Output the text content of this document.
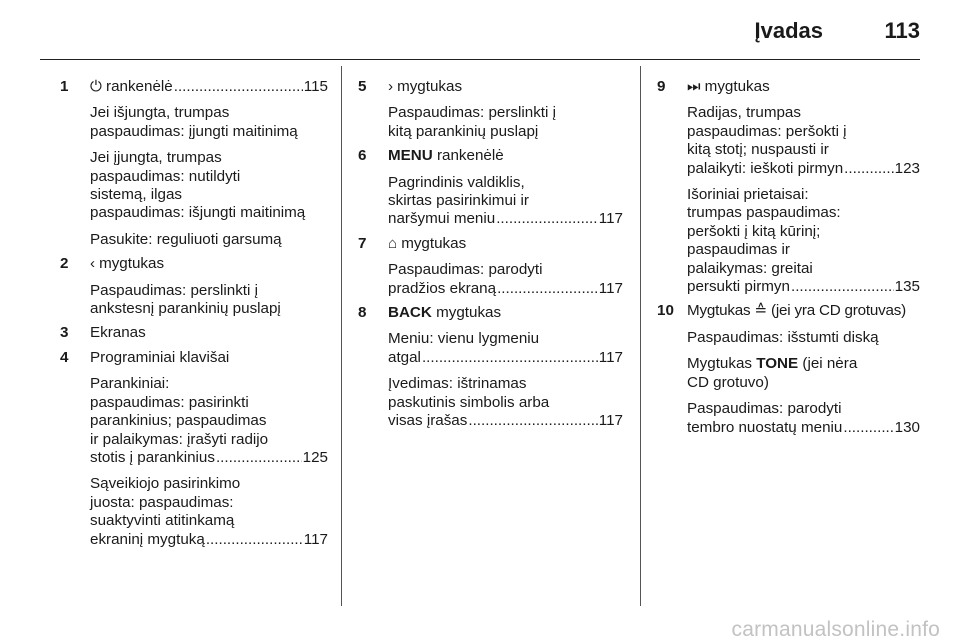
Įvadas	113
1 ⏻ rankenėlė .....	115
Jei išjungta, trumpas
paspaudimas: įjungti maitinimą
Jei įjungta, trumpas
paspaudimas: nutildyti
sistemą, ilgas
paspaudimas: išjungti maitinimą
Pasukite: reguliuoti garsumą
2 ‹ mygtukas
Paspaudimas: perslinkti į
ankstesnį parankinių puslapį
3 Ekranas
4 Programiniai klavišai
Parankiniai:
paspaudimas: pasirinkti
parankinius; paspaudimas
ir palaikymas: įrašyti radijo
stotis į parankinius .....	125
Sąveikiojo pasirinkimo
juosta: paspaudimas:
suaktyvinti atitinkamą
ekraninį mygtuką .....	117
5 › mygtukas
Paspaudimas: perslinkti į
kitą parankinių puslapį
6 MENU rankenėlė
Pagrindinis valdiklis,
skirtas pasirinkimui ir
naršymui meniu .....	117
7 ⌂ mygtukas
Paspaudimas: parodyti
pradžios ekraną .....	117
8 BACK mygtukas
Meniu: vienu lygmeniu
atgal .....	117
Įvedimas: ištrinamas
paskutinis simbolis arba
visas įrašas .....	117
9 ⏭ mygtukas
Radijas, trumpas
paspaudimas: peršokti į
kitą stotį; nuspausti ir
palaikyti: ieškoti pirmyn .....	123
Išoriniai prietaisai:
trumpas paspaudimas:
peršokti į kitą kūrinį;
paspaudimas ir
palaikymas: greitai
persukti pirmyn .....	135
10 Mygtukas ≙ (jei yra CD grotuvas)
Paspaudimas: išstumti diską
Mygtukas TONE (jei nėra
CD grotuvo)
Paspaudimas: parodyti
tembro nuostatų meniu .....	130
carmanualsonline.info
